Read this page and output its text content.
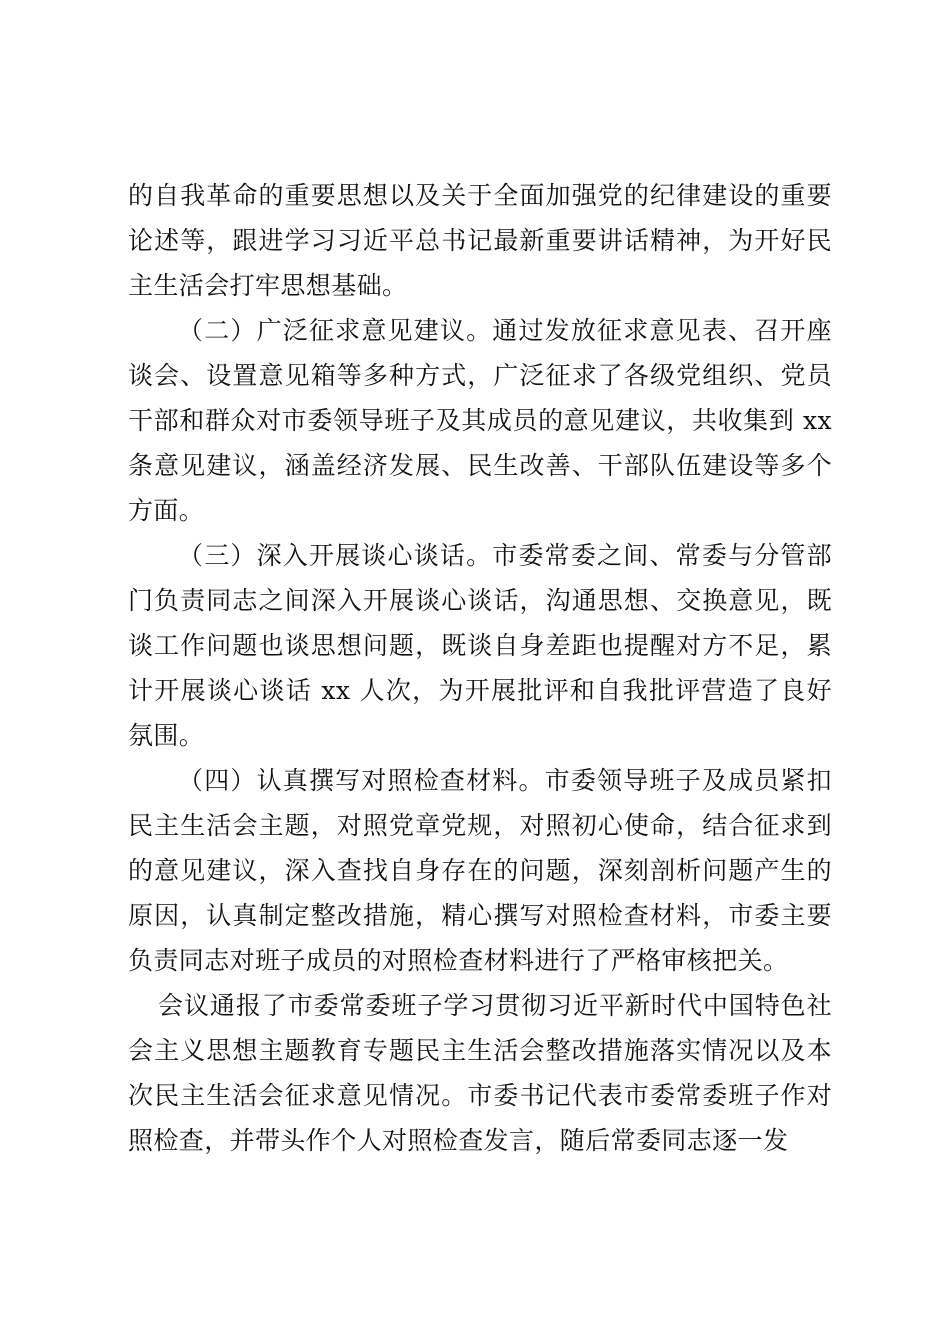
的自我革命的重要思想以及关于全面加强党的纪律建设的重要论述等，跟进学习习近平总书记最新重要讲话精神，为开好民主生活会打牢思想基础。

（二）广泛征求意见建议。通过发放征求意见表、召开座谈会、设置意见箱等多种方式，广泛征求了各级党组织、党员干部和群众对市委领导班子及其成员的意见建议，共收集到 xx 条意见建议，涵盖经济发展、民生改善、干部队伍建设等多个方面。

（三）深入开展谈心谈话。市委常委之间、常委与分管部门负责同志之间深入开展谈心谈话，沟通思想、交换意见，既谈工作问题也谈思想问题，既谈自身差距也提醒对方不足，累计开展谈心谈话 xx 人次，为开展批评和自我批评营造了良好氛围。

（四）认真撰写对照检查材料。市委领导班子及成员紧扣民主生活会主题，对照党章党规，对照初心使命，结合征求到的意见建议，深入查找自身存在的问题，深刻剖析问题产生的原因，认真制定整改措施，精心撰写对照检查材料，市委主要负责同志对班子成员的对照检查材料进行了严格审核把关。

会议通报了市委常委班子学习贯彻习近平新时代中国特色社会主义思想主题教育专题民主生活会整改措施落实情况以及本次民主生活会征求意见情况。市委书记代表市委常委班子作对照检查，并带头作个人对照检查发言，随后常委同志逐一发
